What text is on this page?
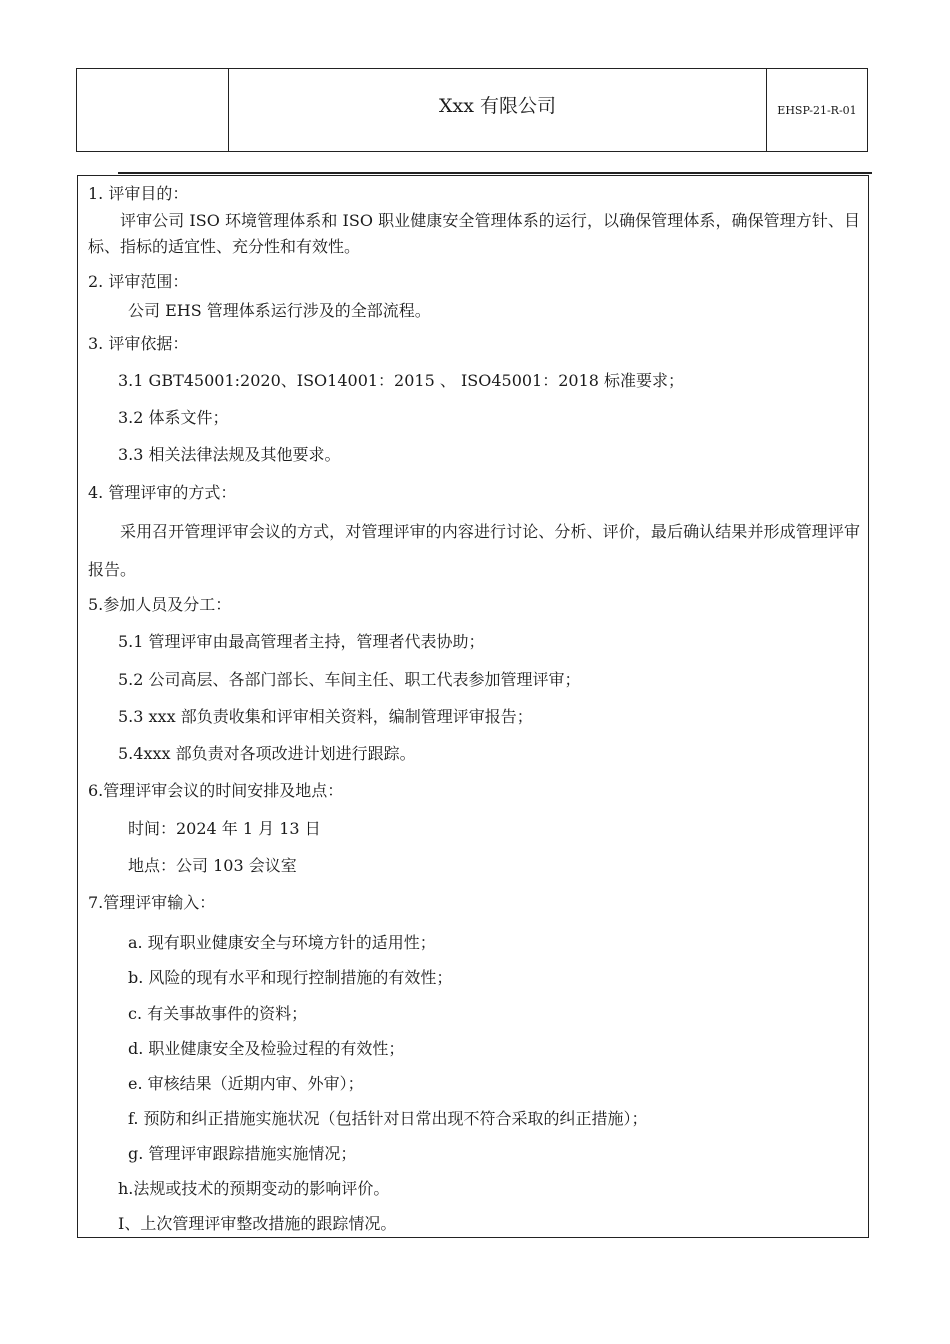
Xxx 有限公司	EHSP-21-R-01
1. 评审目的：
评审公司 ISO 环境管理体系和 ISO 职业健康安全管理体系的运行，以确保管理体系，确保管理方针、目标、指标的适宜性、充分性和有效性。
2. 评审范围：
公司 EHS 管理体系运行涉及的全部流程。
3. 评审依据：
3.1 GBT45001:2020、ISO14001：2015 、 ISO45001：2018 标准要求；
3.2 体系文件；
3.3 相关法律法规及其他要求。
4. 管理评审的方式：
采用召开管理评审会议的方式，对管理评审的内容进行讨论、分析、评价，最后确认结果并形成管理评审报告。
5.参加人员及分工：
5.1 管理评审由最高管理者主持，管理者代表协助；
5.2 公司高层、各部门部长、车间主任、职工代表参加管理评审；
5.3 xxx 部负责收集和评审相关资料，编制管理评审报告；
5.4xxx 部负责对各项改进计划进行跟踪。
6.管理评审会议的时间安排及地点：
时间：2024 年 1 月 13 日
地点：公司 103 会议室
7.管理评审输入：
a. 现有职业健康安全与环境方针的适用性；
b. 风险的现有水平和现行控制措施的有效性；
c. 有关事故事件的资料；
d. 职业健康安全及检验过程的有效性；
e. 审核结果（近期内审、外审）；
f. 预防和纠正措施实施状况（包括针对日常出现不符合采取的纠正措施）；
g. 管理评审跟踪措施实施情况；
h.法规或技术的预期变动的影响评价。
I、上次管理评审整改措施的跟踪情况。
